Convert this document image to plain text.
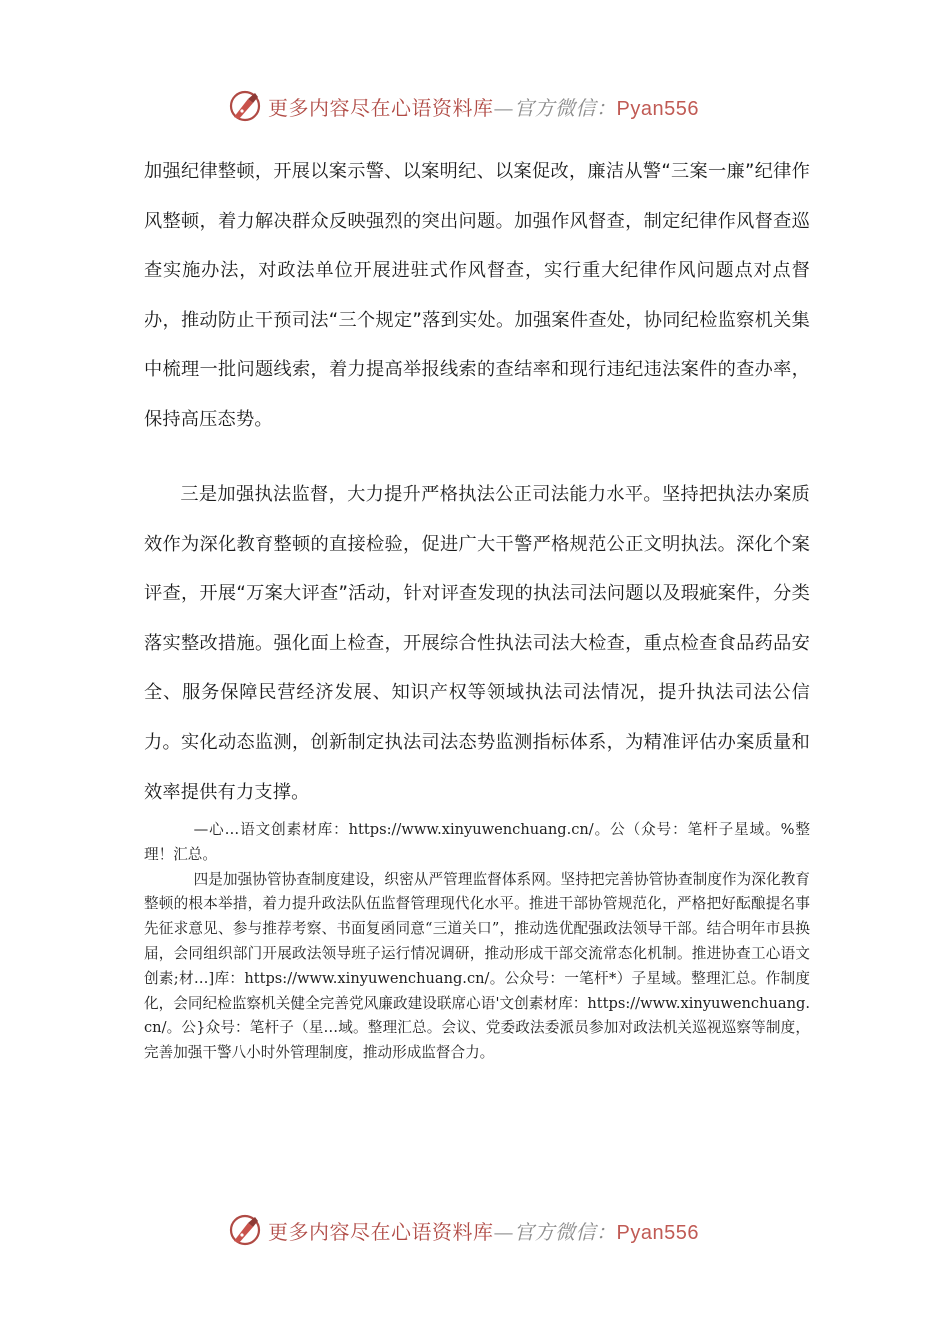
更多内容尽在心语资料库—官方微信：Pyan556

加强纪律整顿，开展以案示警、以案明纪、以案促改，廉洁从警“三案一廉”纪律作风整顿，着力解决群众反映强烈的突出问题。加强作风督查，制定纪律作风督查巡查实施办法，对政法单位开展进驻式作风督查，实行重大纪律作风问题点对点督办，推动防止干预司法“三个规定”落到实处。加强案件查处，协同纪检监察机关集中梳理一批问题线索，着力提高举报线索的查结率和现行违纪违法案件的查办率，保持高压态势。

三是加强执法监督，大力提升严格执法公正司法能力水平。坚持把执法办案质效作为深化教育整顿的直接检验，促进广大干警严格规范公正文明执法。深化个案评查，开展“万案大评查”活动，针对评查发现的执法司法问题以及瑕疵案件，分类落实整改措施。强化面上检查，开展综合性执法司法大检查，重点检查食品药品安全、服务保障民营经济发展、知识产权等领域执法司法情况，提升执法司法公信力。实化动态监测，创新制定执法司法态势监测指标体系，为精准评估办案质量和效率提供有力支撑。

—心…语文创素材库：https://www.xinyuwenchuang.cn/。公（众号：笔杆子星域。%整理！汇总。

四是加强协管协查制度建设，织密从严管理监督体系网。坚持把完善协管协查制度作为深化教育整顿的根本举措，着力提升政法队伍监督管理现代化水平。推进干部协管规范化，严格把好酝酿提名事先征求意见、参与推荐考察、书面复函同意“三道关口”，推动选优配强政法领导干部。结合明年市县换届，会同组织部门开展政法领导班子运行情况调研，推动形成干部交流常态化机制。推进协查工心语文创素;材…]库：https://www.xinyuwenchuang.cn/。公众号：一笔杆*）子星域。整理汇总。作制度化，会同纪检监察机关健全完善党风廉政建设联席心语'文创素材库：https://www.xinyuwenchuang.cn/。公}众号：笔杆子（星…域。整理汇总。会议、党委政法委派员参加对政法机关巡视巡察等制度，完善加强干警八小时外管理制度，推动形成监督合力。

更多内容尽在心语资料库—官方微信：Pyan556
